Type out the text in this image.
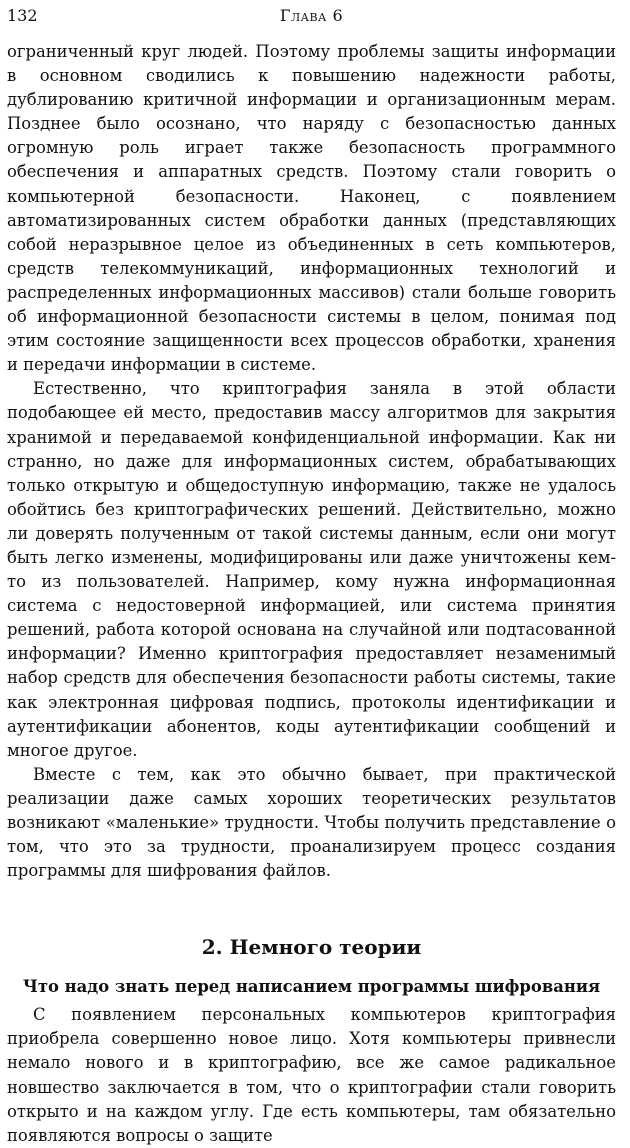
132	Глава 6

ограниченный круг людей. Поэтому проблемы защиты информации в основном сводились к повышению надежности работы, дублированию критичной информации и организационным мерам. Позднее было осознано, что наряду с безопасностью данных огромную роль играет также безопасность программного обеспечения и аппаратных средств. Поэтому стали говорить о компьютерной безопасности. Наконец, с появлением автоматизированных систем обработки данных (представляющих собой неразрывное целое из объединенных в сеть компьютеров, средств телекоммуникаций, информационных технологий и распределенных информационных массивов) стали больше говорить об информационной безопасности системы в целом, понимая под этим состояние защищенности всех процессов обработки, хранения и передачи информации в системе.

Естественно, что криптография заняла в этой области подобающее ей место, предоставив массу алгоритмов для закрытия хранимой и передаваемой конфиденциальной информации. Как ни странно, но даже для информационных систем, обрабатывающих только открытую и общедоступную информацию, также не удалось обойтись без криптографических решений. Действительно, можно ли доверять полученным от такой системы данным, если они могут быть легко изменены, модифицированы или даже уничтожены кем-то из пользователей. Например, кому нужна информационная система с недостоверной информацией, или система принятия решений, работа которой основана на случайной или подтасованной информации? Именно криптография предоставляет незаменимый набор средств для обеспечения безопасности работы системы, такие как электронная цифровая подпись, протоколы идентификации и аутентификации абонентов, коды аутентификации сообщений и многое другое.

Вместе с тем, как это обычно бывает, при практической реализации даже самых хороших теоретических результатов возникают «маленькие» трудности. Чтобы получить представление о том, что это за трудности, проанализируем процесс создания программы для шифрования файлов.

2. Немного теории
Что надо знать перед написанием программы шифрования

С появлением персональных компьютеров криптография приобрела совершенно новое лицо. Хотя компьютеры привнесли немало нового и в криптографию, все же самое радикальное новшество заключается в том, что о криптографии стали говорить открыто и на каждом углу. Где есть компьютеры, там обязательно появляются вопросы о защите
